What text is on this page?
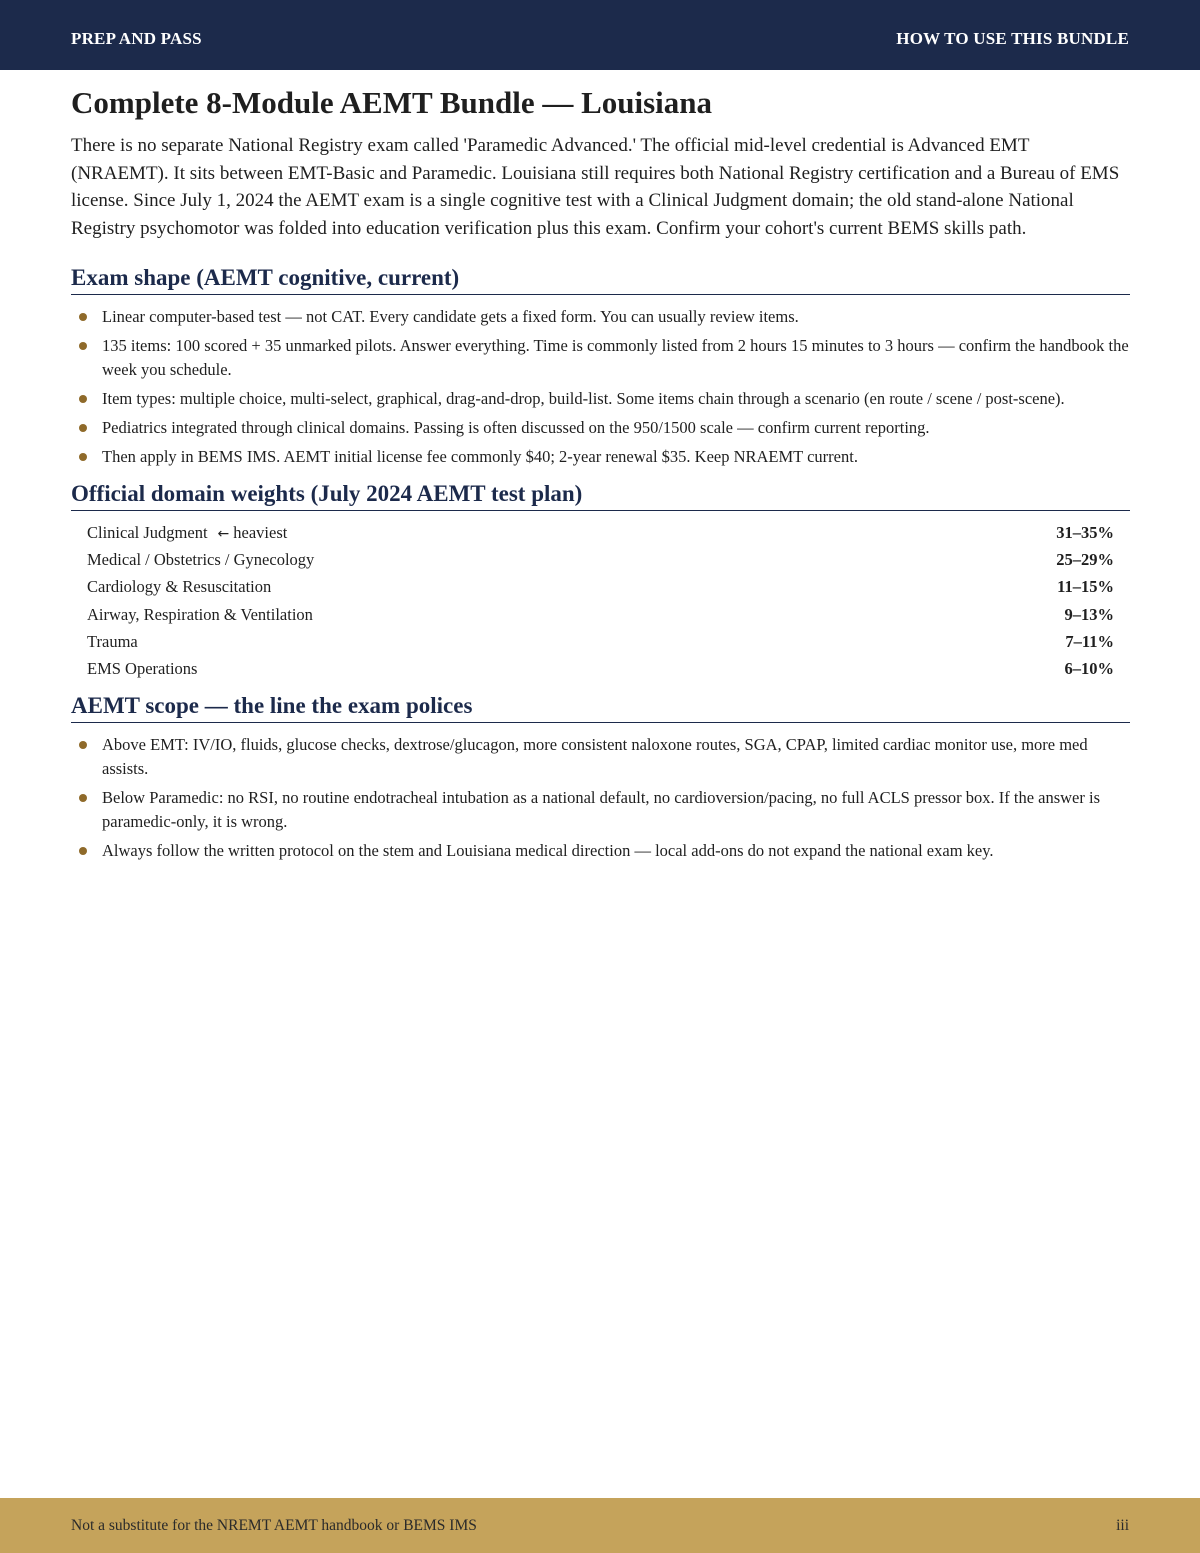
PREP AND PASS	HOW TO USE THIS BUNDLE
Complete 8-Module AEMT Bundle — Louisiana

There is no separate National Registry exam called 'Paramedic Advanced.' The official mid-level credential is Advanced EMT (NRAEMT). It sits between EMT-Basic and Paramedic. Louisiana still requires both National Registry certification and a Bureau of EMS license. Since July 1, 2024 the AEMT exam is a single cognitive test with a Clinical Judgment domain; the old stand-alone National Registry psychomotor was folded into education verification plus this exam. Confirm your cohort's current BEMS skills path.

Exam shape (AEMT cognitive, current)
Linear computer-based test — not CAT. Every candidate gets a fixed form. You can usually review items.
135 items: 100 scored + 35 unmarked pilots. Answer everything. Time is commonly listed from 2 hours 15 minutes to 3 hours — confirm the handbook the week you schedule.
Item types: multiple choice, multi-select, graphical, drag-and-drop, build-list. Some items chain through a scenario (en route / scene / post-scene).
Pediatrics integrated through clinical domains. Passing is often discussed on the 950/1500 scale — confirm current reporting.
Then apply in BEMS IMS. AEMT initial license fee commonly $40; 2-year renewal $35. Keep NRAEMT current.
Official domain weights (July 2024 AEMT test plan)
Clinical Judgment ← heaviest	31–35%
Medical / Obstetrics / Gynecology	25–29%
Cardiology & Resuscitation	11–15%
Airway, Respiration & Ventilation	9–13%
Trauma	7–11%
EMS Operations	6–10%
AEMT scope — the line the exam polices
Above EMT: IV/IO, fluids, glucose checks, dextrose/glucagon, more consistent naloxone routes, SGA, CPAP, limited cardiac monitor use, more med assists.
Below Paramedic: no RSI, no routine endotracheal intubation as a national default, no cardioversion/pacing, no full ACLS pressor box. If the answer is paramedic-only, it is wrong.
Always follow the written protocol on the stem and Louisiana medical direction — local add-ons do not expand the national exam key.
Not a substitute for the NREMT AEMT handbook or BEMS IMS	iii
